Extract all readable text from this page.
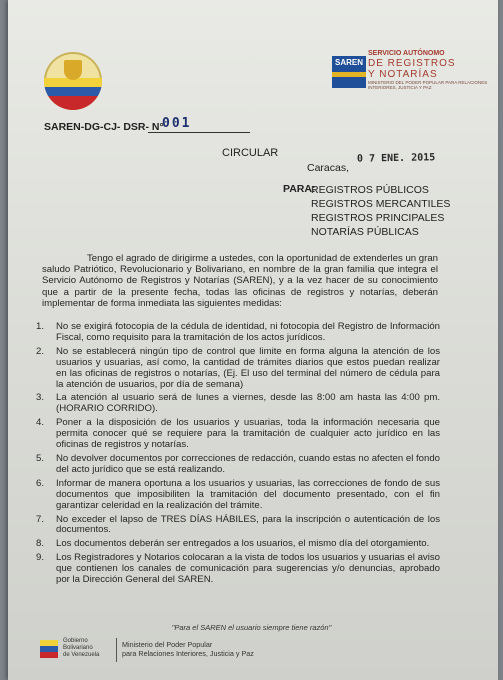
SAREN
SERVICIO AUTÓNOMO
DE REGISTROS
Y NOTARÍAS
MINISTERIO DEL PODER POPULAR PARA RELACIONES INTERIORES, JUSTICIA Y PAZ
SAREN-DG-CJ- DSR- N°
001
CIRCULAR
Caracas,
0 7 ENE. 2015
PARA:
REGISTROS PÚBLICOS
REGISTROS MERCANTILES
REGISTROS PRINCIPALES
NOTARÍAS PÚBLICAS
Tengo el agrado de dirigirme a ustedes, con la oportunidad de extenderles un gran saludo Patriótico, Revolucionario y Bolivariano, en nombre de la gran familia que integra el Servicio Autónomo de Registros y Notarías (SAREN), y a la vez hacer de su conocimiento que a partir de la presente fecha, todas las oficinas de registros y notarías, deberán implementar de forma inmediata las siguientes medidas:
1. No se exigirá fotocopia de la cédula de identidad, ni fotocopia del Registro de Información Fiscal, como requisito para la tramitación de los actos jurídicos.
2. No se establecerá ningún tipo de control que limite en forma alguna la atención de los usuarios y usuarias, así como, la cantidad de trámites diarios que estos puedan realizar en las oficinas de registros o notarías, (Ej. El uso del terminal del número de cédula para la atención de usuarios, por día de semana)
3. La atención al usuario será de lunes a viernes, desde las 8:00 am hasta las 4:00 pm. (HORARIO CORRIDO).
4. Poner a la disposición de los usuarios y usuarias, toda la información necesaria que permita conocer qué se requiere para la tramitación de cualquier acto jurídico en las oficinas de registros y notarías.
5. No devolver documentos por correcciones de redacción, cuando estas no afecten el fondo del acto jurídico que se está realizando.
6. Informar de manera oportuna a los usuarios y usuarias, las correcciones de fondo de sus documentos que imposibiliten la tramitación del documento presentado, con el fin garantizar celeridad en la realización del trámite.
7. No exceder el lapso de TRES DÍAS HÁBILES, para la inscripción o autenticación de los documentos.
8. Los documentos deberán ser entregados a los usuarios, el mismo día del otorgamiento.
9. Los Registradores y Notarios colocaran a la vista de todos los usuarios y usuarias el aviso que contienen los canales de comunicación para sugerencias y/o denuncias, aprobado por la Dirección General del SAREN.
"Para el SAREN el usuario siempre tiene razón"
Gobierno
Bolivariano
de Venezuela
Ministerio del Poder Popular
para Relaciones Interiores, Justicia y Paz
